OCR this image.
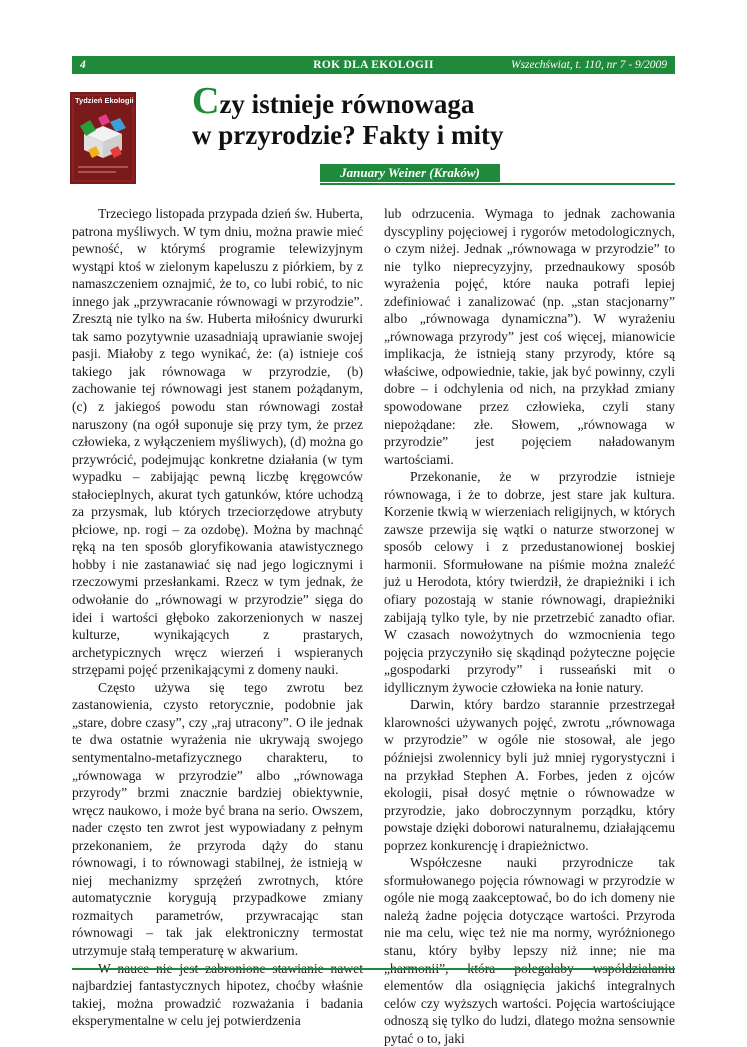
4	ROK DLA EKOLOGII	Wszechświat, t. 110, nr 7 - 9/2009
Tydzień Ekologii Czy istnieje równowaga
w przyrodzie? Fakty i mity
January Weiner (Kraków)

Trzeciego listopada przypada dzień św. Huberta, patrona myśliwych. W tym dniu, można prawie mieć pewność, w którymś programie telewizyjnym wystąpi ktoś w zielonym kapeluszu z piórkiem, by z namaszczeniem oznajmić, że to, co lubi robić, to nic innego jak „przywracanie równowagi w przyrodzie”. Zresztą nie tylko na św. Huberta miłośnicy dwururki tak samo pozytywnie uzasadniają uprawianie swojej pasji. Miałoby z tego wynikać, że: (a) istnieje coś takiego jak równowaga w przyrodzie, (b) zachowanie tej równowagi jest stanem pożądanym, (c) z jakiegoś powodu stan równowagi został naruszony (na ogół suponuje się przy tym, że przez człowieka, z wyłączeniem myśliwych), (d) można go przywrócić, podejmując konkretne działania (w tym wypadku – zabijając pewną liczbę kręgowców stałocieplnych, akurat tych gatunków, które uchodzą za przysmak, lub których trzeciorzędowe atrybuty płciowe, np. rogi – za ozdobę). Można by machnąć ręką na ten sposób gloryfikowania atawistycznego hobby i nie zastanawiać się nad jego logicznymi i rzeczowymi przesłankami. Rzecz w tym jednak, że odwołanie do „równowagi w przyrodzie” sięga do idei i wartości głęboko zakorzenionych w naszej kulturze, wynikających z prastarych, archetypicznych wręcz wierzeń i wspieranych strzępami pojęć przenikającymi z domeny nauki.

Często używa się tego zwrotu bez zastanowienia, czysto retorycznie, podobnie jak „stare, dobre czasy”, czy „raj utracony”. O ile jednak te dwa ostatnie wyrażenia nie ukrywają swojego sentymentalno-metafizycznego charakteru, to „równowaga w przyrodzie” albo „równowaga przyrody” brzmi znacznie bardziej obiektywnie, wręcz naukowo, i może być brana na serio. Owszem, nader często ten zwrot jest wypowiadany z pełnym przekonaniem, że przyroda dąży do stanu równowagi, i to równowagi stabilnej, że istnieją w niej mechanizmy sprzężeń zwrotnych, które automatycznie korygują przypadkowe zmiany rozmaitych parametrów, przywracając stan równowagi – tak jak elektroniczny termostat utrzymuje stałą temperaturę w akwarium.

najbardziej fantastycznych hipotez, choćby właśnie takiej, można prowadzić rozważania i badania eksperymentalne w celu jej potwierdzenia

lub odrzucenia. Wymaga to jednak zachowania dyscypliny pojęciowej i rygorów metodologicznych, o czym niżej. Jednak „równowaga w przyrodzie” to nie tylko nieprecyzyjny, przednaukowy sposób wyrażenia pojęć, które nauka potrafi lepiej zdefiniować i zanalizować (np. „stan stacjonarny” albo „równowaga dynamiczna”). W wyrażeniu „równowaga przyrody” jest coś więcej, mianowicie implikacja, że istnieją stany przyrody, które są właściwe, odpowiednie, takie, jak być powinny, czyli dobre – i odchylenia od nich, na przykład zmiany spowodowane przez człowieka, czyli stany niepożądane: złe. Słowem, „równowaga w przyrodzie” jest pojęciem naładowanym wartościami.

Przekonanie, że w przyrodzie istnieje równowaga, i że to dobrze, jest stare jak kultura. Korzenie tkwią w wierzeniach religijnych, w których zawsze przewija się wątki o naturze stworzonej w sposób celowy i z przedustanowionej boskiej harmonii. Sformułowane na piśmie można znaleźć już u Herodota, który twierdził, że drapieżniki i ich ofiary pozostają w stanie równowagi, drapieżniki zabijają tylko tyle, by nie przetrzebić zanadto ofiar. W czasach nowożytnych do wzmocnienia tego pojęcia przyczyniło się skądinąd pożyteczne pojęcie „gospodarki przyrody” i russeański mit o idyllicznym żywocie człowieka na łonie natury.

Darwin, który bardzo starannie przestrzegał klarowności używanych pojęć, zwrotu „równowaga w przyrodzie” w ogóle nie stosował, ale jego późniejsi zwolennicy byli już mniej rygorystyczni i na przykład Stephen A. Forbes, jeden z ojców ekologii, pisał dosyć mętnie o równowadze w przyrodzie, jako dobroczynnym porządku, który powstaje dzięki doborowi naturalnemu, działającemu poprzez konkurencję i drapieżnictwo.

Współczesne nauki przyrodnicze tak sformułowanego pojęcia równowagi w przyrodzie w ogóle nie mogą zaakceptować, bo do ich domeny nie należą żadne pojęcia dotyczące wartości. Przyroda nie ma celu, więc też nie ma normy, wyróżnionego stanu, który byłby lepszy niż inne; nie ma elementów dla osiągnięcia jakichś integralnych celów czy wyższych wartości. Pojęcia wartościujące odnoszą się tylko do ludzi, dlatego można sensownie pytać o to, jaki
